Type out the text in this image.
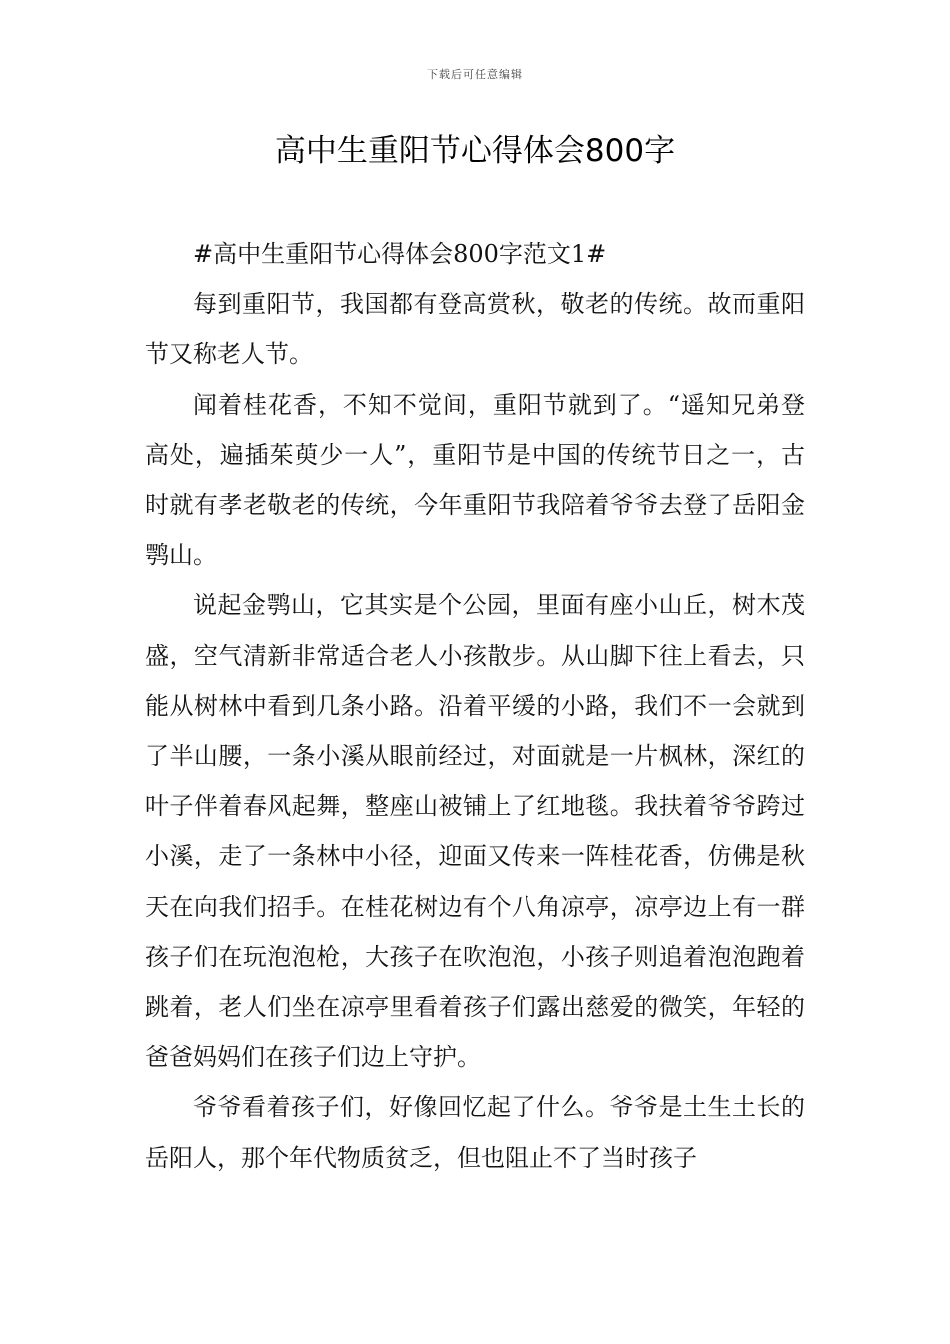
下载后可任意编辑
高中生重阳节心得体会800字

#高中生重阳节心得体会800字范文1#

每到重阳节，我国都有登高赏秋，敬老的传统。故而重阳节又称老人节。

闻着桂花香，不知不觉间，重阳节就到了。“遥知兄弟登高处，遍插茱萸少一人”，重阳节是中国的传统节日之一，古时就有孝老敬老的传统，今年重阳节我陪着爷爷去登了岳阳金鹗山。

说起金鹗山，它其实是个公园，里面有座小山丘，树木茂盛，空气清新非常适合老人小孩散步。从山脚下往上看去，只能从树林中看到几条小路。沿着平缓的小路，我们不一会就到了半山腰，一条小溪从眼前经过，对面就是一片枫林，深红的叶子伴着春风起舞，整座山被铺上了红地毯。我扶着爷爷跨过小溪，走了一条林中小径，迎面又传来一阵桂花香，仿佛是秋天在向我们招手。在桂花树边有个八角凉亭，凉亭边上有一群孩子们在玩泡泡枪，大孩子在吹泡泡，小孩子则追着泡泡跑着跳着，老人们坐在凉亭里看着孩子们露出慈爱的微笑，年轻的爸爸妈妈们在孩子们边上守护。

爷爷看着孩子们，好像回忆起了什么。爷爷是土生土长的岳阳人，那个年代物质贫乏，但也阻止不了当时孩子
